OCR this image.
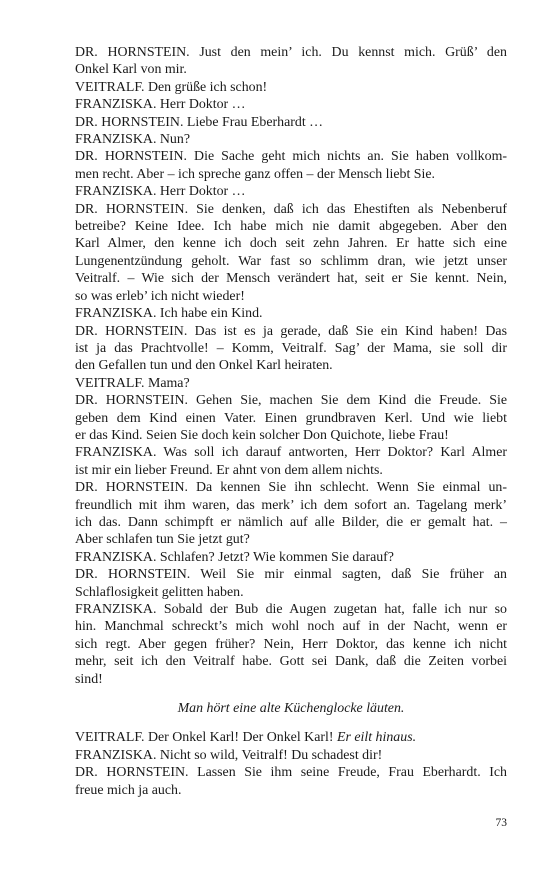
DR. HORNSTEIN. Just den mein’ ich. Du kennst mich. Grüß’ den
Onkel Karl von mir.
VEITRALF. Den grüße ich schon!
FRANZISKA. Herr Doktor …
DR. HORNSTEIN. Liebe Frau Eberhardt …
FRANZISKA. Nun?
DR. HORNSTEIN. Die Sache geht mich nichts an. Sie haben vollkom-
men recht. Aber – ich spreche ganz offen – der Mensch liebt Sie.
FRANZISKA. Herr Doktor …
DR. HORNSTEIN. Sie denken, daß ich das Ehestiften als Nebenberuf
betreibe? Keine Idee. Ich habe mich nie damit abgegeben. Aber den
Karl Almer, den kenne ich doch seit zehn Jahren. Er hatte sich eine
Lungenentzündung geholt. War fast so schlimm dran, wie jetzt unser
Veitralf. – Wie sich der Mensch verändert hat, seit er Sie kennt. Nein,
so was erleb’ ich nicht wieder!
FRANZISKA. Ich habe ein Kind.
DR. HORNSTEIN. Das ist es ja gerade, daß Sie ein Kind haben! Das
ist ja das Prachtvolle! – Komm, Veitralf. Sag’ der Mama, sie soll dir
den Gefallen tun und den Onkel Karl heiraten.
VEITRALF. Mama?
DR. HORNSTEIN. Gehen Sie, machen Sie dem Kind die Freude. Sie
geben dem Kind einen Vater. Einen grundbraven Kerl. Und wie liebt
er das Kind. Seien Sie doch kein solcher Don Quichote, liebe Frau!
FRANZISKA. Was soll ich darauf antworten, Herr Doktor? Karl Almer
ist mir ein lieber Freund. Er ahnt von dem allem nichts.
DR. HORNSTEIN. Da kennen Sie ihn schlecht. Wenn Sie einmal un-
freundlich mit ihm waren, das merk’ ich dem sofort an. Tagelang merk’
ich das. Dann schimpft er nämlich auf alle Bilder, die er gemalt hat. –
Aber schlafen tun Sie jetzt gut?
FRANZISKA. Schlafen? Jetzt? Wie kommen Sie darauf?
DR. HORNSTEIN. Weil Sie mir einmal sagten, daß Sie früher an
Schlaflosigkeit gelitten haben.
FRANZISKA. Sobald der Bub die Augen zugetan hat, falle ich nur so
hin. Manchmal schreckt’s mich wohl noch auf in der Nacht, wenn er
sich regt. Aber gegen früher? Nein, Herr Doktor, das kenne ich nicht
mehr, seit ich den Veitralf habe. Gott sei Dank, daß die Zeiten vorbei
sind!
Man hört eine alte Küchenglocke läuten.
VEITRALF. Der Onkel Karl! Der Onkel Karl! Er eilt hinaus.
FRANZISKA. Nicht so wild, Veitralf! Du schadest dir!
DR. HORNSTEIN. Lassen Sie ihm seine Freude, Frau Eberhardt. Ich
freue mich ja auch.
73
